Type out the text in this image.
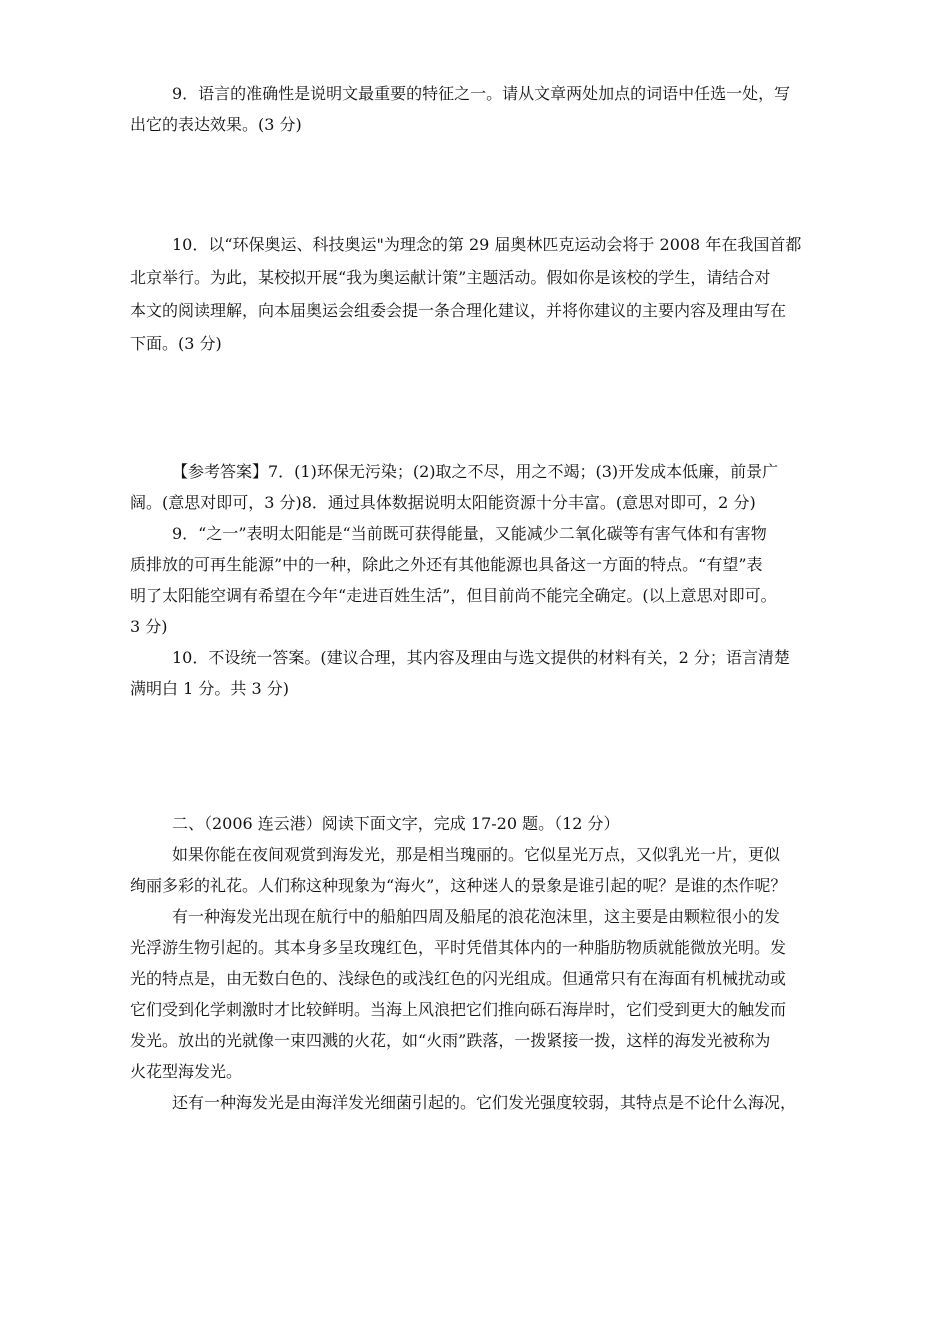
9．语言的准确性是说明文最重要的特征之一。请从文章两处加点的词语中任选一处，写
出它的表达效果。(3 分)
10．以“环保奥运、科技奥运"为理念的第 29 届奥林匹克运动会将于 2008 年在我国首都
北京举行。为此，某校拟开展“我为奥运献计策”主题活动。假如你是该校的学生，请结合对
本文的阅读理解，向本届奥运会组委会提一条合理化建议，并将你建议的主要内容及理由写在
下面。(3 分)
【参考答案】7．(1)环保无污染；(2)取之不尽，用之不竭；(3)开发成本低廉，前景广
阔。(意思对即可，3 分)8．通过具体数据说明太阳能资源十分丰富。(意思对即可，2 分)
9．“之一”表明太阳能是“当前既可获得能量，又能减少二氧化碳等有害气体和有害物
质排放的可再生能源”中的一种，除此之外还有其他能源也具备这一方面的特点。“有望”表
明了太阳能空调有希望在今年“走进百姓生活”，但目前尚不能完全确定。(以上意思对即可。
3 分)
10．不设统一答案。(建议合理，其内容及理由与选文提供的材料有关，2 分；语言清楚
满明白 1 分。共 3 分)
二、（2006 连云港）阅读下面文字，完成 17-20 题。（12 分）
如果你能在夜间观赏到海发光，那是相当瑰丽的。它似星光万点，又似乳光一片，更似
绚丽多彩的礼花。人们称这种现象为“海火”，这种迷人的景象是谁引起的呢？是谁的杰作呢？
有一种海发光出现在航行中的船舶四周及船尾的浪花泡沫里，这主要是由颗粒很小的发
光浮游生物引起的。其本身多呈玫瑰红色，平时凭借其体内的一种脂肪物质就能微放光明。发
光的特点是，由无数白色的、浅绿色的或浅红色的闪光组成。但通常只有在海面有机械扰动或
它们受到化学刺激时才比较鲜明。当海上风浪把它们推向砾石海岸时，它们受到更大的触发而
发光。放出的光就像一束四溅的火花，如“火雨”跌落，一拨紧接一拨，这样的海发光被称为
火花型海发光。
还有一种海发光是由海洋发光细菌引起的。它们发光强度较弱，其特点是不论什么海况，
